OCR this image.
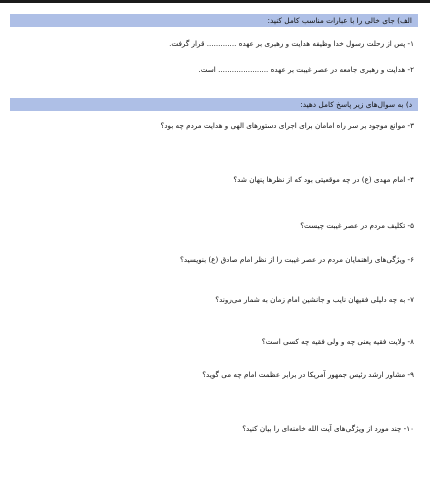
الف) جای خالی را با عبارات مناسب کامل کنید:
۱- پس از رحلت رسول خدا وظیفه هدایت و رهبری بر عهده ............. قرار گرفت.
۲- هدایت و رهبری جامعه در عصر غیبت بر عهده ...................... است.
د) به سوال‌های زیر پاسخ کامل دهید:
۳- موانع موجود بر سر راه امامان برای اجرای دستورهای الهی و هدایت مردم چه بود؟
۴- امام مهدی (ع) در چه موقعیتی بود که از نظرها پنهان شد؟
۵- تکلیف مردم در عصر غیبت چیست؟
۶- ویژگی‌های راهنمایان مردم در عصر غیبت را از نظر امام صادق (ع) بنویسید؟
۷- به چه دلیلی فقیهان نایب و جانشین امام زمان به شمار می‌روند؟
۸- ولایت فقیه یعنی چه و ولی فقیه چه کسی است؟
۹- مشاور ارشد رئیس جمهور آمریکا در برابر عظمت امام چه می گوید؟
۱۰- چند مورد از ویژگی‌های آیت الله خامنه‌ای را بیان کنید؟
